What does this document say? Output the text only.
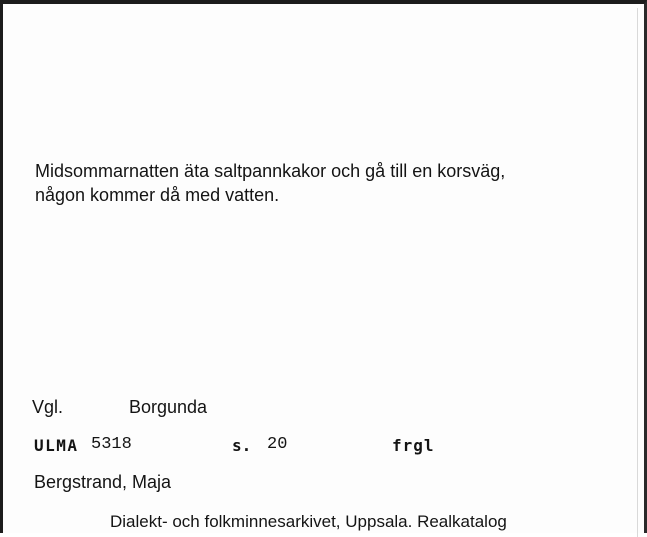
Midsommarnatten äta saltpannkakor och gå till en korsväg,
någon kommer då med vatten.
Vgl.	Borgunda
ULMA 5318	s. 20	frgl
Bergstrand, Maja
Dialekt- och folkminnesarkivet, Uppsala. Realkatalog
